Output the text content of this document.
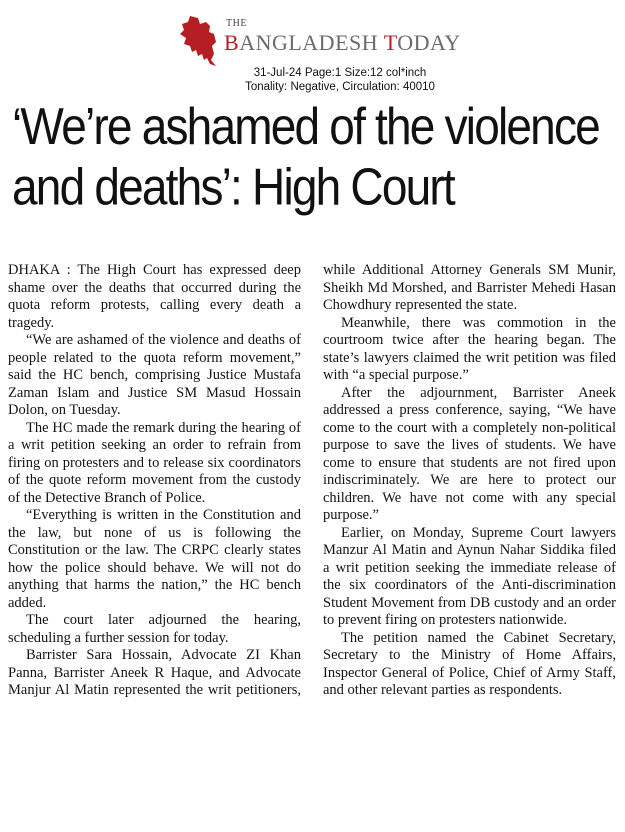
THE
BANGLADESH TODAY
31-Jul-24 Page:1 Size:12 col*inch
Tonality: Negative, Circulation: 40010
‘We’re ashamed of the violence
and deaths’: High Court

DHAKA : The High Court has expressed deep shame over the deaths that occurred during the quota reform protests, calling every death a tragedy.

“We are ashamed of the violence and deaths of people related to the quota reform movement,” said the HC bench, comprising Justice Mustafa Zaman Islam and Justice SM Masud Hossain Dolon, on Tuesday.

The HC made the remark during the hearing of a writ petition seeking an order to refrain from firing on protesters and to release six coordinators of the quote reform movement from the custody of the Detective Branch of Police.

“Everything is written in the Constitution and the law, but none of us is following the Constitution or the law. The CRPC clearly states how the police should behave. We will not do anything that harms the nation,” the HC bench added.

The court later adjourned the hearing, scheduling a further session for today.

Barrister Sara Hossain, Advocate ZI Khan Panna, Barrister Aneek R Haque, and Advocate Manjur Al Matin represented the writ petitioners, while Additional Attorney Generals SM Munir, Sheikh Md Morshed, and Barrister Mehedi Hasan Chowdhury represented the state.

Meanwhile, there was commotion in the courtroom twice after the hearing began. The state’s lawyers claimed the writ petition was filed with “a special purpose.”

After the adjournment, Barrister Aneek addressed a press conference, saying, “We have come to the court with a completely non-political purpose to save the lives of students. We have come to ensure that students are not fired upon indiscriminately. We are here to protect our children. We have not come with any special purpose.”

Earlier, on Monday, Supreme Court lawyers Manzur Al Matin and Aynun Nahar Siddika filed a writ petition seeking the immediate release of the six coordinators of the Anti-discrimination Student Movement from DB custody and an order to prevent firing on protesters nationwide.

The petition named the Cabinet Secretary, Secretary to the Ministry of Home Affairs, Inspector General of Police, Chief of Army Staff, and other relevant parties as respondents.
